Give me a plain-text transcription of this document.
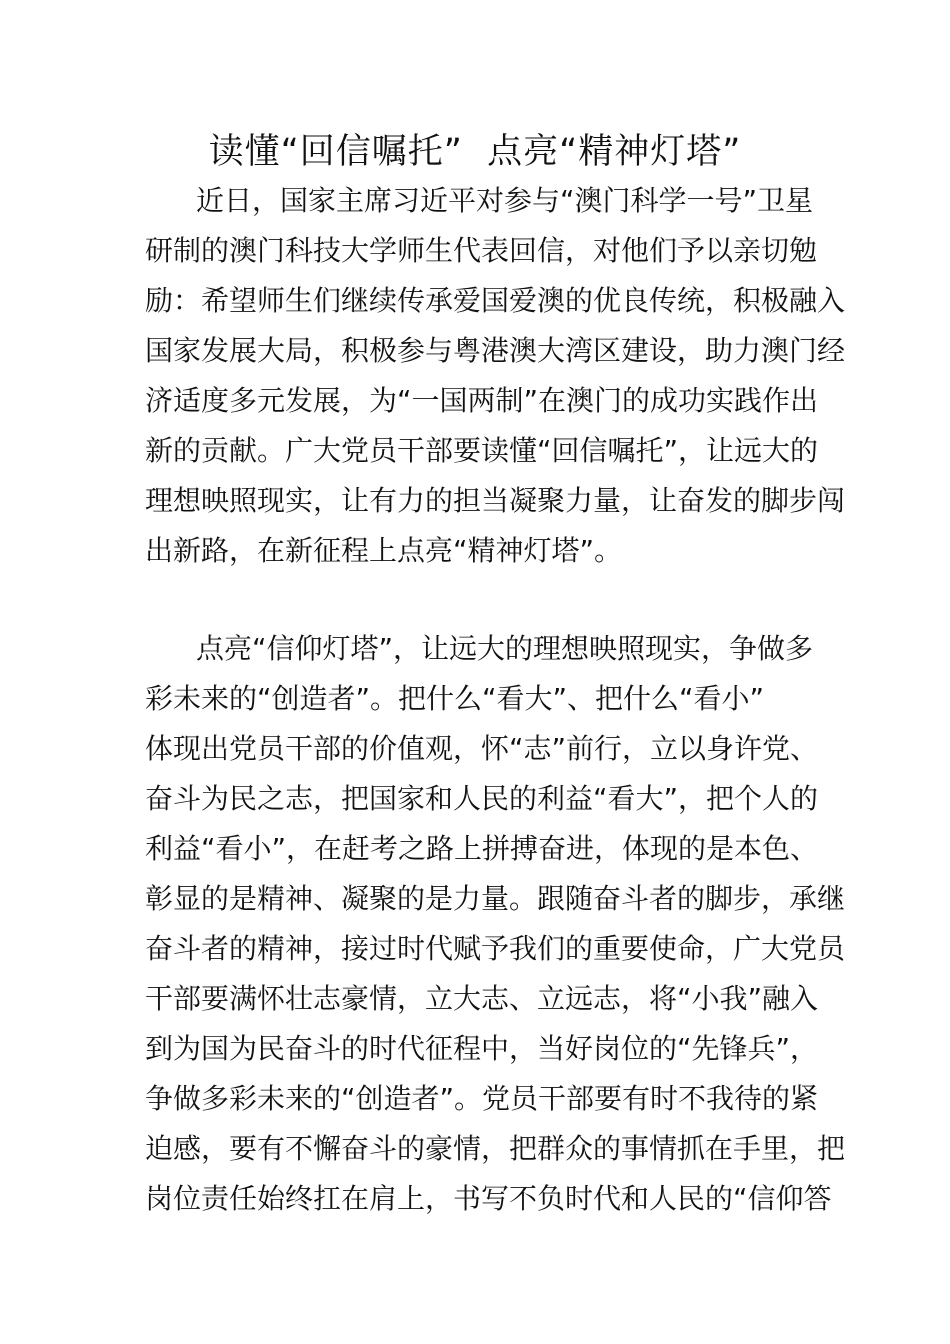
读懂“回信嘱托”  点亮“精神灯塔”
近日，国家主席习近平对参与“澳门科学一号”卫星
研制的澳门科技大学师生代表回信，对他们予以亲切勉
励：希望师生们继续传承爱国爱澳的优良传统，积极融入
国家发展大局，积极参与粤港澳大湾区建设，助力澳门经
济适度多元发展，为“一国两制”在澳门的成功实践作出
新的贡献。广大党员干部要读懂“回信嘱托”，让远大的
理想映照现实，让有力的担当凝聚力量，让奋发的脚步闯
出新路，在新征程上点亮“精神灯塔”。
点亮“信仰灯塔”，让远大的理想映照现实，争做多
彩未来的“创造者”。把什么“看大”、把什么“看小”
体现出党员干部的价值观，怀“志”前行，立以身许党、
奋斗为民之志，把国家和人民的利益“看大”，把个人的
利益“看小”，在赶考之路上拼搏奋进，体现的是本色、
彰显的是精神、凝聚的是力量。跟随奋斗者的脚步，承继
奋斗者的精神，接过时代赋予我们的重要使命，广大党员
干部要满怀壮志豪情，立大志、立远志，将“小我”融入
到为国为民奋斗的时代征程中，当好岗位的“先锋兵”，
争做多彩未来的“创造者”。党员干部要有时不我待的紧
迫感，要有不懈奋斗的豪情，把群众的事情抓在手里，把
岗位责任始终扛在肩上，书写不负时代和人民的“信仰答
